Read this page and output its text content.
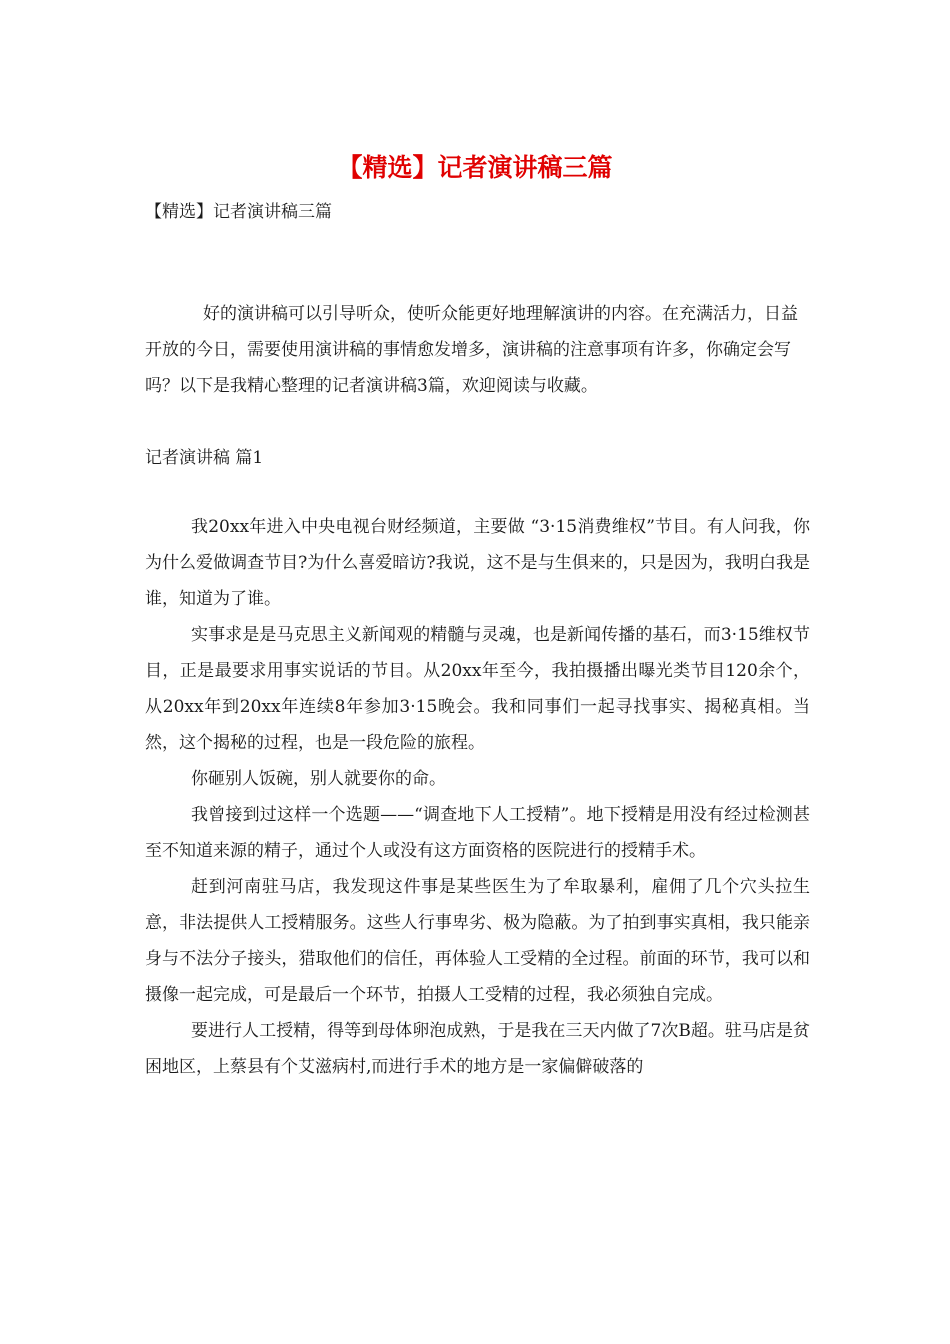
【精选】记者演讲稿三篇

【精选】记者演讲稿三篇

好的演讲稿可以引导听众，使听众能更好地理解演讲的内容。在充满活力，日益开放的今日，需要使用演讲稿的事情愈发增多，演讲稿的注意事项有许多，你确定会写吗？以下是我精心整理的记者演讲稿3篇，欢迎阅读与收藏。

记者演讲稿 篇1

我20xx年进入中央电视台财经频道，主要做 “3·15消费维权”节目。有人问我，你为什么爱做调查节目?为什么喜爱暗访?我说，这不是与生俱来的，只是因为，我明白我是谁，知道为了谁。

实事求是是马克思主义新闻观的精髓与灵魂，也是新闻传播的基石，而3·15维权节目，正是最要求用事实说话的节目。从20xx年至今，我拍摄播出曝光类节目120余个，从20xx年到20xx年连续8年参加3·15晚会。我和同事们一起寻找事实、揭秘真相。当然，这个揭秘的过程，也是一段危险的旅程。

你砸别人饭碗，别人就要你的命。

我曾接到过这样一个选题——“调查地下人工授精”。地下授精是用没有经过检测甚至不知道来源的精子，通过个人或没有这方面资格的医院进行的授精手术。

赶到河南驻马店，我发现这件事是某些医生为了牟取暴利，雇佣了几个穴头拉生意，非法提供人工授精服务。这些人行事卑劣、极为隐蔽。为了拍到事实真相，我只能亲身与不法分子接头，猎取他们的信任，再体验人工受精的全过程。前面的环节，我可以和摄像一起完成，可是最后一个环节，拍摄人工受精的过程，我必须独自完成。

要进行人工授精，得等到母体卵泡成熟，于是我在三天内做了7次B超。驻马店是贫困地区，上蔡县有个艾滋病村,而进行手术的地方是一家偏僻破落的
